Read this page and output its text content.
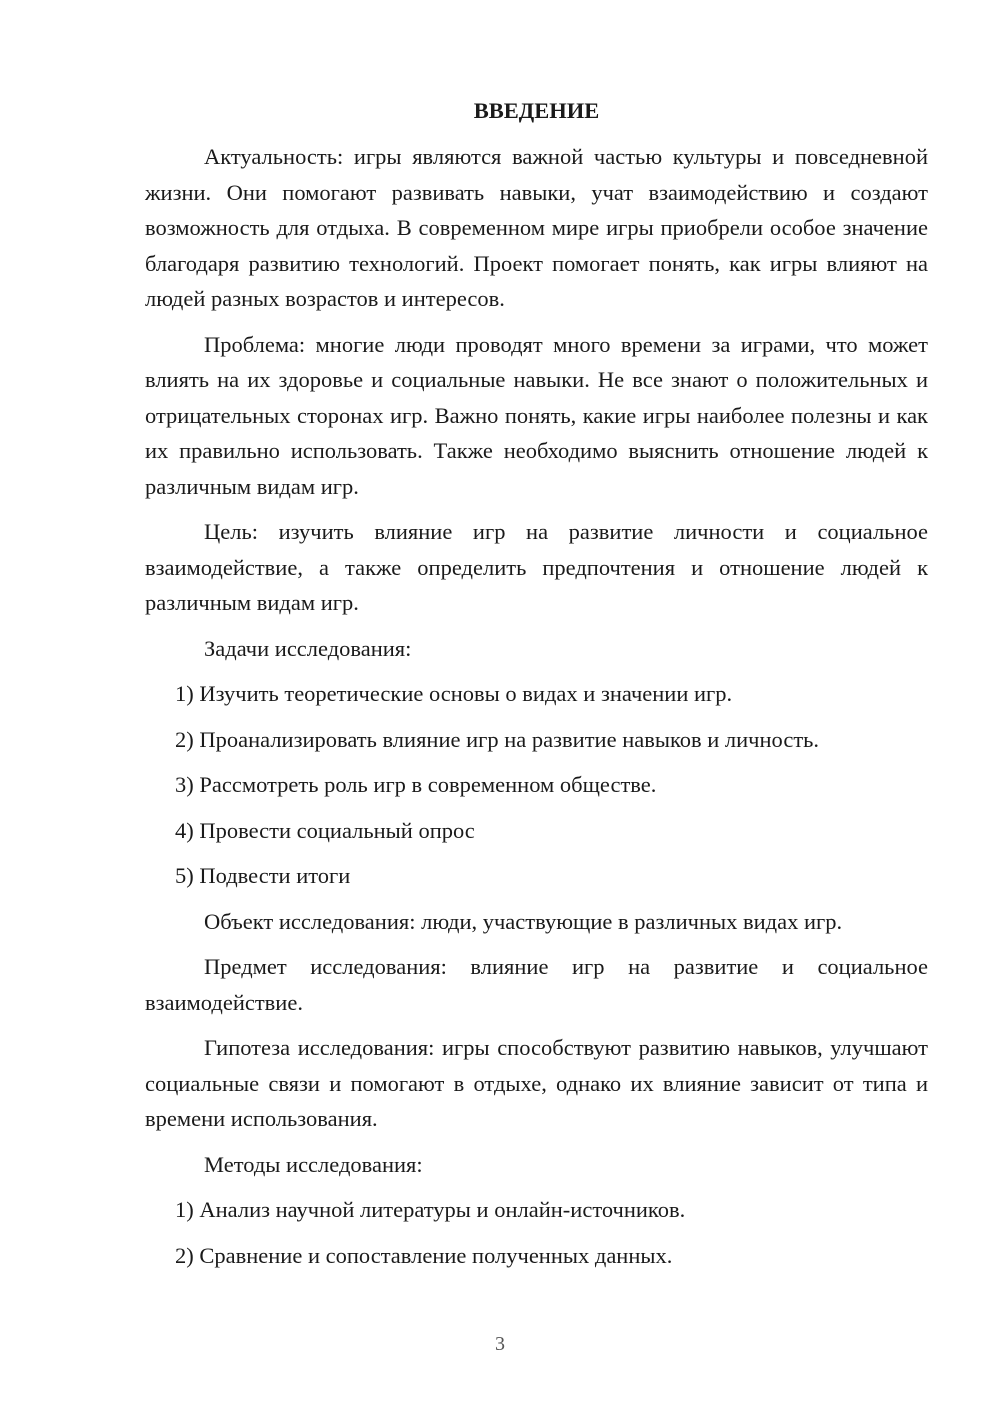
ВВЕДЕНИЕ

Актуальность: игры являются важной частью культуры и повседневной жизни. Они помогают развивать навыки, учат взаимодействию и создают возможность для отдыха. В современном мире игры приобрели особое значение благодаря развитию технологий. Проект помогает понять, как игры влияют на людей разных возрастов и интересов.

Проблема: многие люди проводят много времени за играми, что может влиять на их здоровье и социальные навыки. Не все знают о положительных и отрицательных сторонах игр. Важно понять, какие игры наиболее полезны и как их правильно использовать. Также необходимо выяснить отношение людей к различным видам игр.

Цель: изучить влияние игр на развитие личности и социальное взаимодействие, а также определить предпочтения и отношение людей к различным видам игр.

Задачи исследования:

1) Изучить теоретические основы о видах и значении игр.
2) Проанализировать влияние игр на развитие навыков и личность.
3) Рассмотреть роль игр в современном обществе.
4) Провести социальный опрос
5) Подвести итоги

Объект исследования: люди, участвующие в различных видах игр.

Предмет исследования: влияние игр на развитие и социальное взаимодействие.

Гипотеза исследования: игры способствуют развитию навыков, улучшают социальные связи и помогают в отдыхе, однако их влияние зависит от типа и времени использования.

Методы исследования:

1) Анализ научной литературы и онлайн-источников.
2) Сравнение и сопоставление полученных данных.
3
